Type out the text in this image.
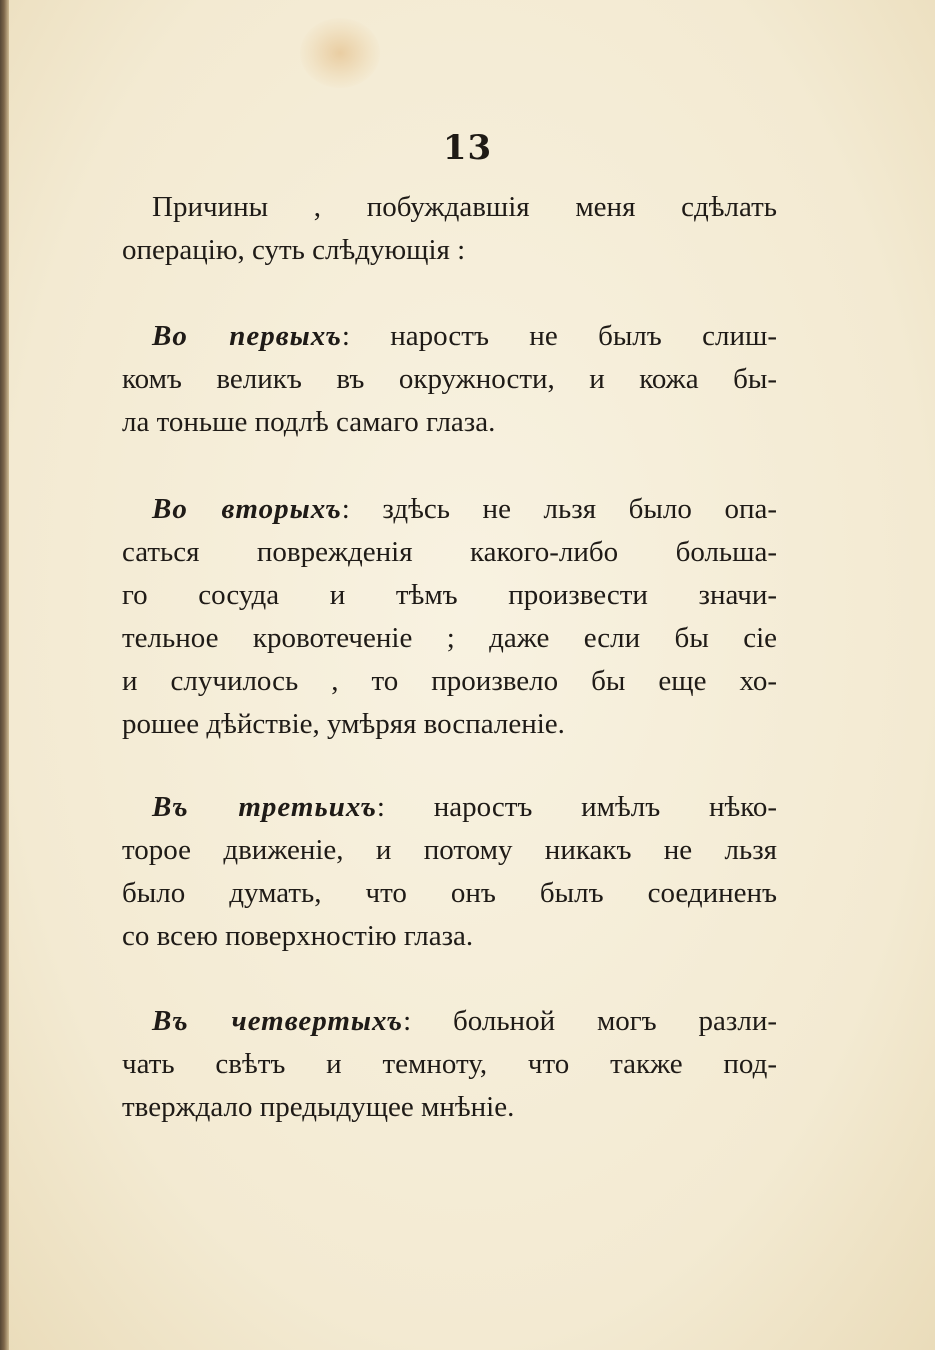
13
Причины , побуждавшія меня сдѣлать
операцію, суть слѣдующія :
Во первыхъ: наростъ не былъ слиш-
комъ великъ въ окружности, и кожа бы-
ла тоньше подлѣ самаго глаза.
Во вторыхъ: здѣсь не льзя было опа-
саться поврежденія какого-либо больша-
го сосуда и тѣмъ произвести значи-
тельное кровотеченіе ; даже если бы сіе
и случилось , то произвело бы еще хо-
рошее дѣйствіе, умѣряя воспаленіе.
Въ третьихъ: наростъ имѣлъ нѣко-
торое движеніе, и потому никакъ не льзя
было думать, что онъ былъ соединенъ
со всею поверхностію глаза.
Въ четвертыхъ: больной могъ разли-
чать свѣтъ и темноту, что также под-
тверждало предыдущее мнѣніе.
